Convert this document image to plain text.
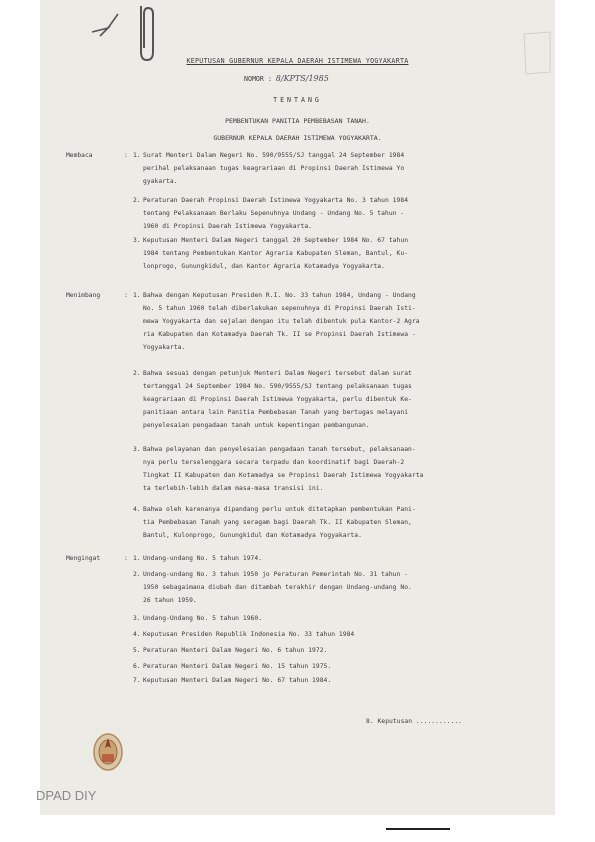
KEPUTUSAN GUBERNUR KEPALA DAERAH ISTIMEWA YOGYAKARTA
NOMOR : 8/KPTS/1985
TENTANG
PEMBENTUKAN PANITIA PEMBEBASAN TANAH.
GUBERNUR KEPALA DAERAH ISTIMEWA YOGYAKARTA.
Membaca	: 1. Surat Menteri Dalam Negeri No. 590/9555/SJ tanggal 24 September 1984
perihal pelaksanaan tugas keagrariaan di Propinsi Daerah Istimewa Yo
gyakarta.
2. Peraturan Daerah Propinsi Daerah Istimewa Yogyakarta No. 3 tahun 1984
tentang Pelaksanaan Berlaku Sepenuhnya Undang - Undang No. 5 tahun -
1960 di Propinsi Daerah Istimewa Yogyakarta.
3. Keputusan Menteri Dalam Negeri tanggal 20 September 1984 No. 67 tahun
1984 tentang Pembentukan Kantor Agraria Kabupaten Sleman, Bantul, Ku-
lonprogo, Gunungkidul, dan Kantor Agraria Kotamadya Yogyakarta.
Menimbang	: 1. Bahwa dengan Keputusan Presiden R.I. No. 33 tahun 1984, Undang - Undang
No. 5 tahun 1960 telah diberlakukan sepenuhnya di Propinsi Daerah Isti-
mewa Yogyakarta dan sejalan dengan itu telah dibentuk pula Kantor-2 Agra
ria Kabupaten dan Kotamadya Daerah Tk. II se Propinsi Daerah Istimewa -
Yogyakarta.
2. Bahwa sesuai dengan petunjuk Menteri Dalam Negeri tersebut dalam surat
tertanggal 24 September 1984 No. 590/9555/SJ tentang pelaksanaan tugas
keagrariaan di Propinsi Daerah Istimewa Yogyakarta, perlu dibentuk Ke-
panitiaan antara lain Panitia Pembebasan Tanah yang bertugas melayani
penyelesaian pengadaan tanah untuk kepentingan pembangunan.
3. Bahwa pelayanan dan penyelesaian pengadaan tanah tersebut, pelaksanaan-
nya perlu terselenggara secara terpadu dan koordinatif bagi Daerah-2
Tingkat II Kabupaten dan Kotamadya se Propinsi Daerah Istimewa Yogyakarta
ta terlebih-lebih dalam masa-masa transisi ini.
4. Bahwa oleh karenanya dipandang perlu untuk ditetapkan pembentukan Pani-
tia Pembebasan Tanah yang seragam bagi Daerah Tk. II Kabupaten Sleman,
Bantul, Kulonprogo, Gunungkidul dan Kotamadya Yogyakarta.
Mengingat	: 1. Undang-undang No. 5 tahun 1974.
2. Undang-undang No. 3 tahun 1950 jo Peraturan Pemerintah No. 31 tahun -
1950 sebagaimana diubah dan ditambah terakhir dengan Undang-undang No.
26 tahun 1959.
3. Undang-Undang No. 5 tahun 1960.
4. Keputusan Presiden Republik Indonesia No. 33 tahun 1984
5. Peraturan Menteri Dalam Negeri No. 6 tahun 1972.
6. Peraturan Menteri Dalam Negeri No. 15 tahun 1975.
7. Keputusan Menteri Dalam Negeri No. 67 tahun 1984.
8. Keputusan ............
DPAD DIY
